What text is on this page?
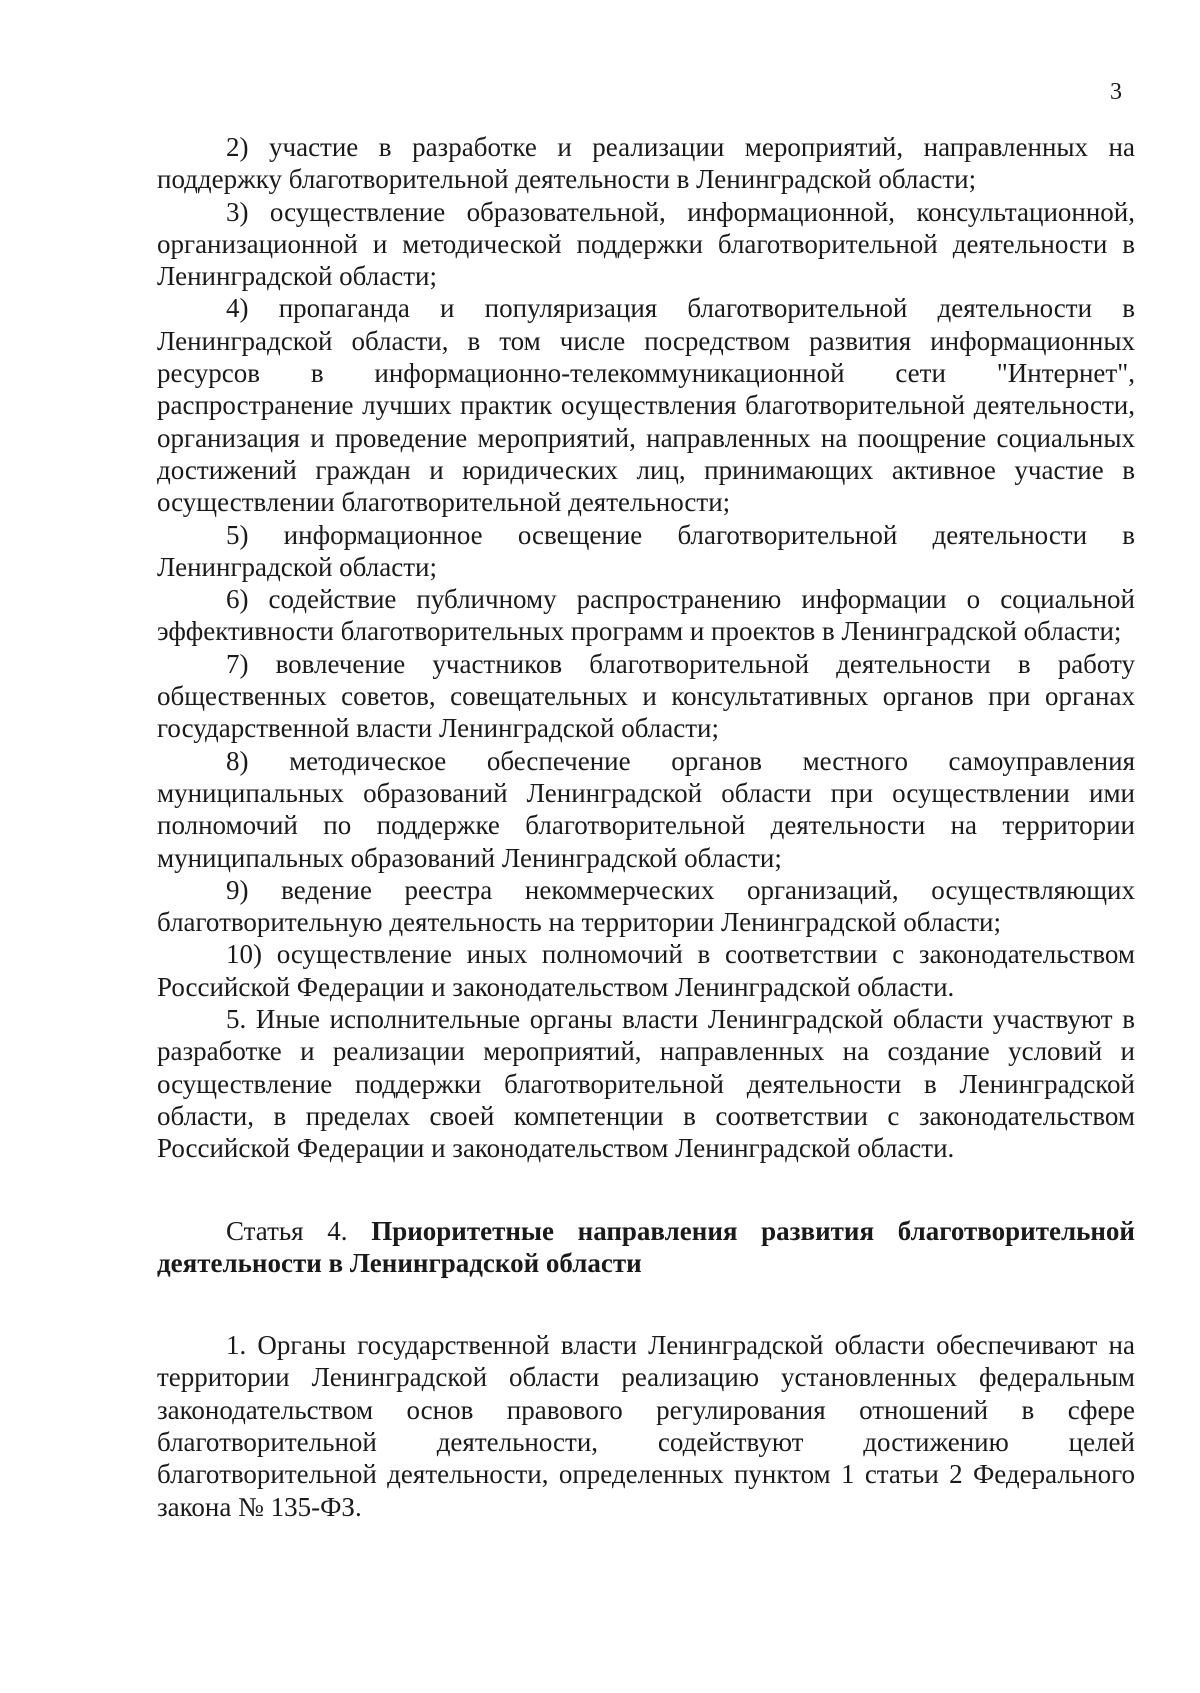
3

2) участие в разработке и реализации мероприятий, направленных на поддержку благотворительной деятельности в Ленинградской области;

3) осуществление образовательной, информационной, консультационной, организационной и методической поддержки благотворительной деятельности в Ленинградской области;

4) пропаганда и популяризация благотворительной деятельности в Ленинградской области, в том числе посредством развития информационных ресурсов в информационно-телекоммуникационной сети "Интернет", распространение лучших практик осуществления благотворительной деятельности, организация и проведение мероприятий, направленных на поощрение социальных достижений граждан и юридических лиц, принимающих активное участие в осуществлении благотворительной деятельности;

5) информационное освещение благотворительной деятельности в Ленинградской области;

6) содействие публичному распространению информации о социальной эффективности благотворительных программ и проектов в Ленинградской области;

7) вовлечение участников благотворительной деятельности в работу общественных советов, совещательных и консультативных органов при органах государственной власти Ленинградской области;

8) методическое обеспечение органов местного самоуправления муниципальных образований Ленинградской области при осуществлении ими полномочий по поддержке благотворительной деятельности на территории муниципальных образований Ленинградской области;

9) ведение реестра некоммерческих организаций, осуществляющих благотворительную деятельность на территории Ленинградской области;

10) осуществление иных полномочий в соответствии с законодательством Российской Федерации и законодательством Ленинградской области.

5. Иные исполнительные органы власти Ленинградской области участвуют в разработке и реализации мероприятий, направленных на создание условий и осуществление поддержки благотворительной деятельности в Ленинградской области, в пределах своей компетенции в соответствии с законодательством Российской Федерации и законодательством Ленинградской области.

Статья 4. Приоритетные направления развития благотворительной деятельности в Ленинградской области

1. Органы государственной власти Ленинградской области обеспечивают на территории Ленинградской области реализацию установленных федеральным законодательством основ правового регулирования отношений в сфере благотворительной деятельности, содействуют достижению целей благотворительной деятельности, определенных пунктом 1 статьи 2 Федерального закона № 135-ФЗ.
